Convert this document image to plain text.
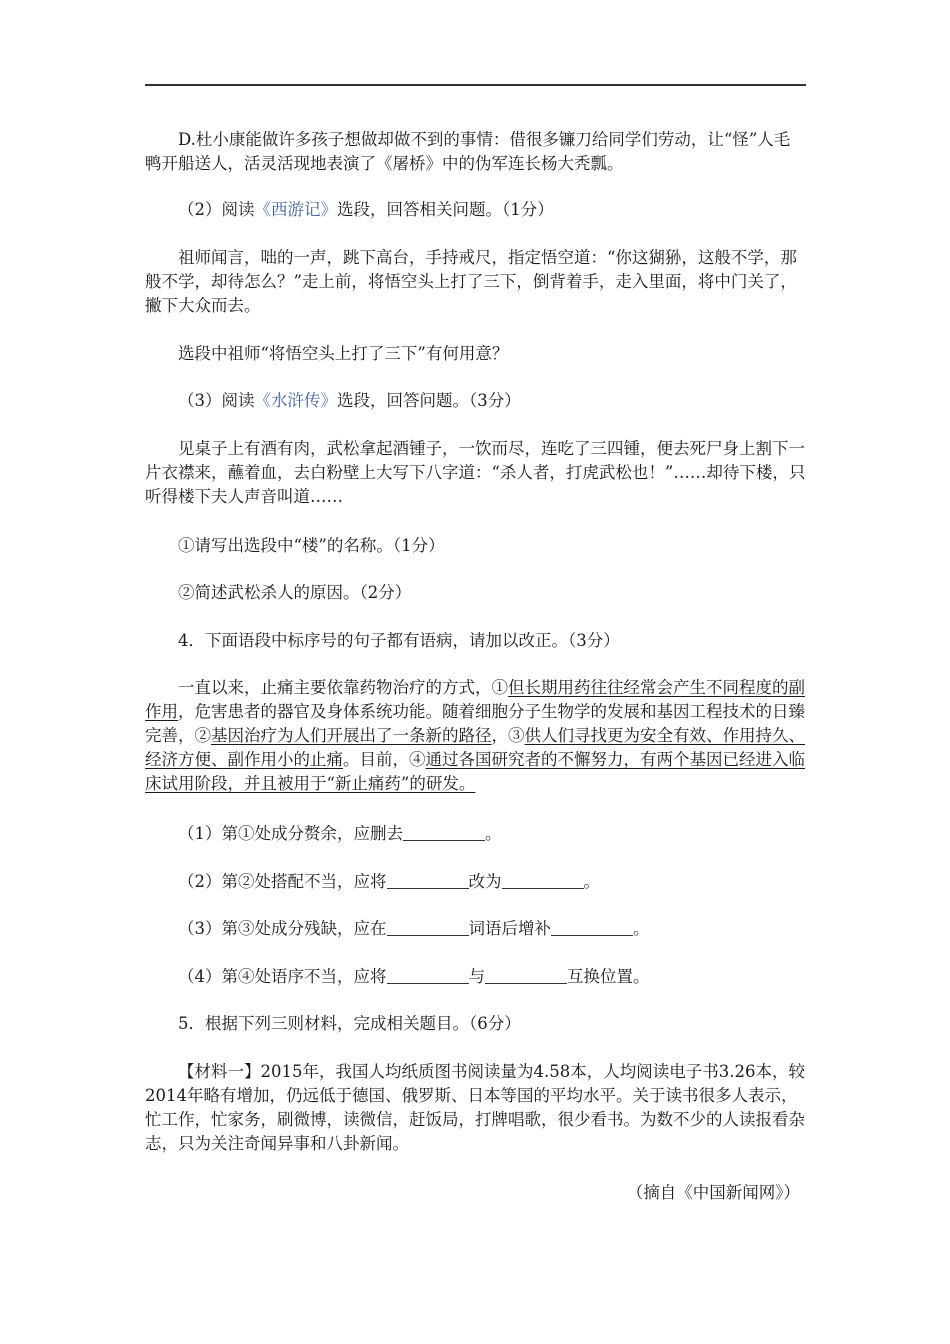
D.杜小康能做许多孩子想做却做不到的事情：借很多镰刀给同学们劳动，让“怪”人毛鸭开船送人，活灵活现地表演了《屠桥》中的伪军连长杨大秃瓢。

（2）阅读《西游记》选段，回答相关问题。（1分）

祖师闻言，咄的一声，跳下高台，手持戒尺，指定悟空道：“你这猢狲，这般不学，那般不学，却待怎么？”走上前，将悟空头上打了三下，倒背着手，走入里面，将中门关了，撇下大众而去。

选段中祖师“将悟空头上打了三下”有何用意？

（3）阅读《水浒传》选段，回答问题。（3分）

见桌子上有酒有肉，武松拿起酒锺子，一饮而尽，连吃了三四锺，便去死尸身上割下一片衣襟来，蘸着血，去白粉壁上大写下八字道：“杀人者，打虎武松也！”……却待下楼，只听得楼下夫人声音叫道……

①请写出选段中“楼”的名称。（1分）

②简述武松杀人的原因。（2分）

4．下面语段中标序号的句子都有语病，请加以改正。（3分）

一直以来，止痛主要依靠药物治疗的方式，①但长期用药往往经常会产生不同程度的副作用，危害患者的器官及身体系统功能。随着细胞分子生物学的发展和基因工程技术的日臻完善，②基因治疗为人们开展出了一条新的路径，③供人们寻找更为安全有效、作用持久、经济方便、副作用小的止痛。目前，④通过各国研究者的不懈努力，有两个基因已经进入临床试用阶段，并且被用于“新止痛药”的研发。

（1）第①处成分赘余，应删去	。

（2）第②处搭配不当，应将	改为	。

（3）第③处成分残缺，应在	词语后增补	。

（4）第④处语序不当，应将	与	互换位置。

5．根据下列三则材料，完成相关题目。（6分）

【材料一】2015年，我国人均纸质图书阅读量为4.58本，人均阅读电子书3.26本，较2014年略有增加，仍远低于德国、俄罗斯、日本等国的平均水平。关于读书很多人表示，忙工作，忙家务，刷微博，读微信，赶饭局，打牌唱歌，很少看书。为数不少的人读报看杂志，只为关注奇闻异事和八卦新闻。

（摘自《中国新闻网》）
